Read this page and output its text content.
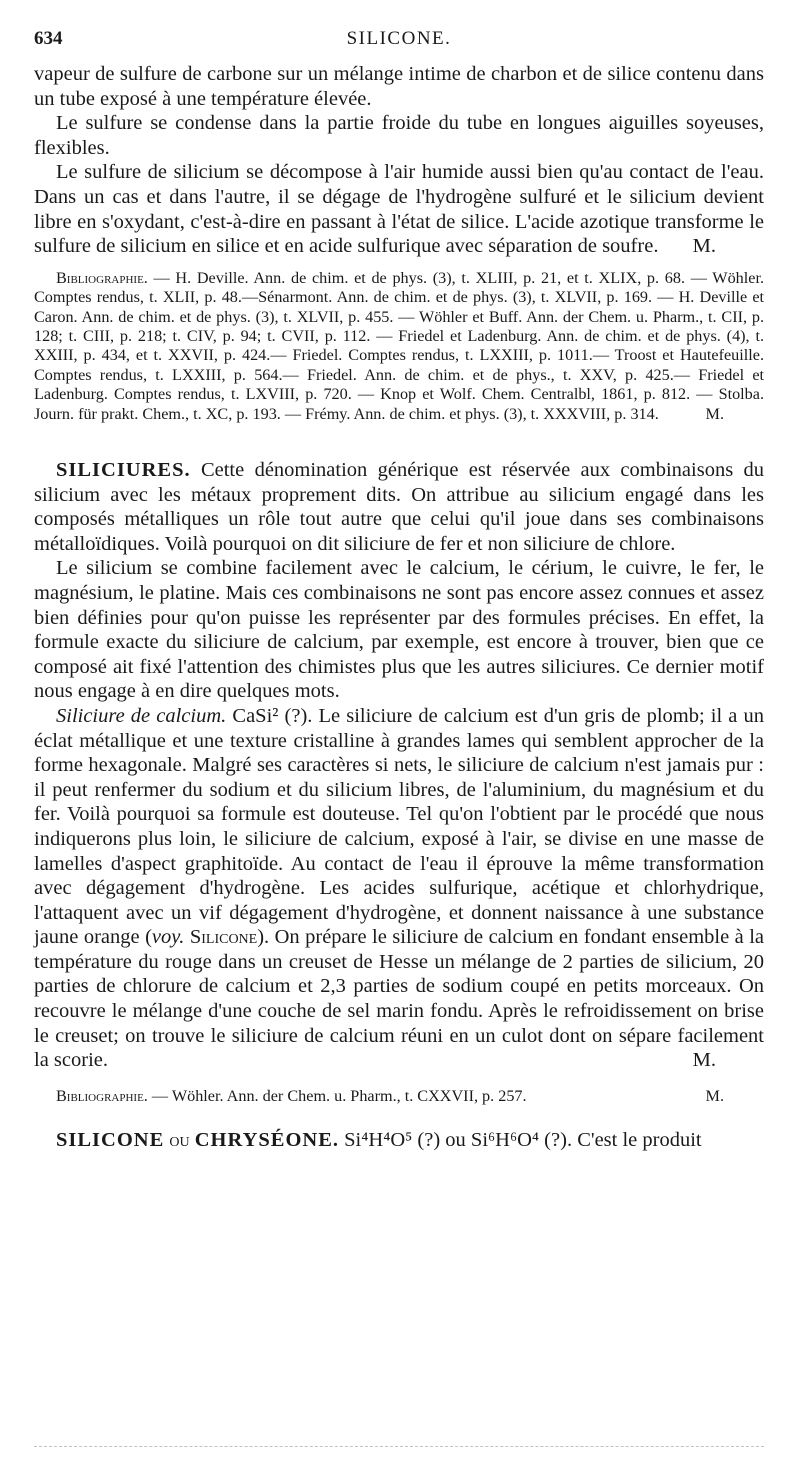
634	SILICONE.

vapeur de sulfure de carbone sur un mélange intime de charbon et de silice contenu dans un tube exposé à une température élevée.

Le sulfure se condense dans la partie froide du tube en longues aiguilles soyeuses, flexibles.

Le sulfure de silicium se décompose à l'air humide aussi bien qu'au contact de l'eau. Dans un cas et dans l'autre, il se dégage de l'hydrogène sulfuré et le silicium devient libre en s'oxydant, c'est-à-dire en passant à l'état de silice. L'acide azotique transforme le sulfure de silicium en silice et en acide sulfurique avec séparation de soufre.	M.

Bibliographie. — H. Deville. Ann. de chim. et de phys. (3), t. XLIII, p. 21, et t. XLIX, p. 68. — Wöhler. Comptes rendus, t. XLII, p. 48.—Sénarmont. Ann. de chim. et de phys. (3), t. XLVII, p. 169. — H. Deville et Caron. Ann. de chim. et de phys. (3), t. XLVII, p. 455. — Wöhler et Buff. Ann. der Chem. u. Pharm., t. CII, p. 128; t. CIII, p. 218; t. CIV, p. 94; t. CVII, p. 112. — Friedel et Ladenburg. Ann. de chim. et de phys. (4), t. XXIII, p. 434, et t. XXVII, p. 424.— Friedel. Comptes rendus, t. LXXIII, p. 1011.— Troost et Hautefeuille. Comptes rendus, t. LXXIII, p. 564.— Friedel. Ann. de chim. et de phys., t. XXV, p. 425.— Friedel et Ladenburg. Comptes rendus, t. LXVIII, p. 720. — Knop et Wolf. Chem. Centralbl, 1861, p. 812. — Stolba. Journ. für prakt. Chem., t. XC, p. 193. — Frémy. Ann. de chim. et phys. (3), t. XXXVIII, p. 314.	M.

SILICIURES. Cette dénomination générique est réservée aux combinaisons du silicium avec les métaux proprement dits. On attribue au silicium engagé dans les composés métalliques un rôle tout autre que celui qu'il joue dans ses combinaisons métalloïdiques. Voilà pourquoi on dit siliciure de fer et non siliciure de chlore.

Le silicium se combine facilement avec le calcium, le cérium, le cuivre, le fer, le magnésium, le platine. Mais ces combinaisons ne sont pas encore assez connues et assez bien définies pour qu'on puisse les représenter par des formules précises. En effet, la formule exacte du siliciure de calcium, par exemple, est encore à trouver, bien que ce composé ait fixé l'attention des chimistes plus que les autres siliciures. Ce dernier motif nous engage à en dire quelques mots.

Siliciure de calcium. CaSi² (?). Le siliciure de calcium est d'un gris de plomb; il a un éclat métallique et une texture cristalline à grandes lames qui semblent approcher de la forme hexagonale. Malgré ses caractères si nets, le siliciure de calcium n'est jamais pur : il peut renfermer du sodium et du silicium libres, de l'aluminium, du magnésium et du fer. Voilà pourquoi sa formule est douteuse. Tel qu'on l'obtient par le procédé que nous indiquerons plus loin, le siliciure de calcium, exposé à l'air, se divise en une masse de lamelles d'aspect graphitoïde. Au contact de l'eau il éprouve la même transformation avec dégagement d'hydrogène. Les acides sulfurique, acétique et chlorhydrique, l'attaquent avec un vif dégagement d'hydrogène, et donnent naissance à une substance jaune orange (voy. Silicone). On prépare le siliciure de calcium en fondant ensemble à la température du rouge dans un creuset de Hesse un mélange de 2 parties de silicium, 20 parties de chlorure de calcium et 2,3 parties de sodium coupé en petits morceaux. On recouvre le mélange d'une couche de sel marin fondu. Après le refroidissement on brise le creuset; on trouve le siliciure de calcium réuni en un culot dont on sépare facilement la scorie.	M.

Bibliographie. — Wöhler. Ann. der Chem. u. Pharm., t. CXXVII, p. 257.	M.

SILICONE ou CHRYSÉONE. Si⁴H⁴O⁵ (?) ou Si⁶H⁶O⁴ (?). C'est le produit
